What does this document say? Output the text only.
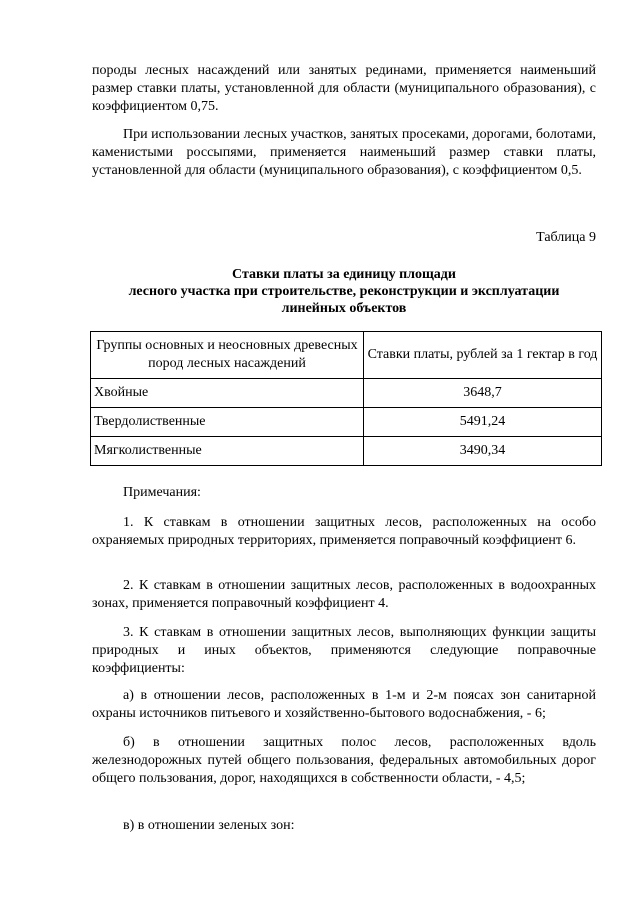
породы лесных насаждений или занятых рединами, применяется наименьший размер ставки платы, установленной для области (муниципального образования), с коэффициентом 0,75.
При использовании лесных участков, занятых просеками, дорогами, болотами, каменистыми россыпями, применяется наименьший размер ставки платы, установленной для области (муниципального образования), с коэффициентом 0,5.
Таблица 9
Ставки платы за единицу площади
лесного участка при строительстве, реконструкции и эксплуатации
линейных объектов
Группы основных и неосновных древесных пород лесных насаждений	Ставки платы, рублей за 1 гектар в год
Хвойные	3648,7
Твердолиственные	5491,24
Мягколиственные	3490,34
Примечания:
1. К ставкам в отношении защитных лесов, расположенных на особо охраняемых природных территориях, применяется поправочный коэффициент 6.
2. К ставкам в отношении защитных лесов, расположенных в водоохранных зонах, применяется поправочный коэффициент 4.
3. К ставкам в отношении защитных лесов, выполняющих функции защиты природных и иных объектов, применяются следующие поправочные коэффициенты:
а) в отношении лесов, расположенных в 1-м и 2-м поясах зон санитарной охраны источников питьевого и хозяйственно-бытового водоснабжения, - 6;
б) в отношении защитных полос лесов, расположенных вдоль железнодорожных путей общего пользования, федеральных автомобильных дорог общего пользования, дорог, находящихся в собственности области, - 4,5;
в) в отношении зеленых зон:
